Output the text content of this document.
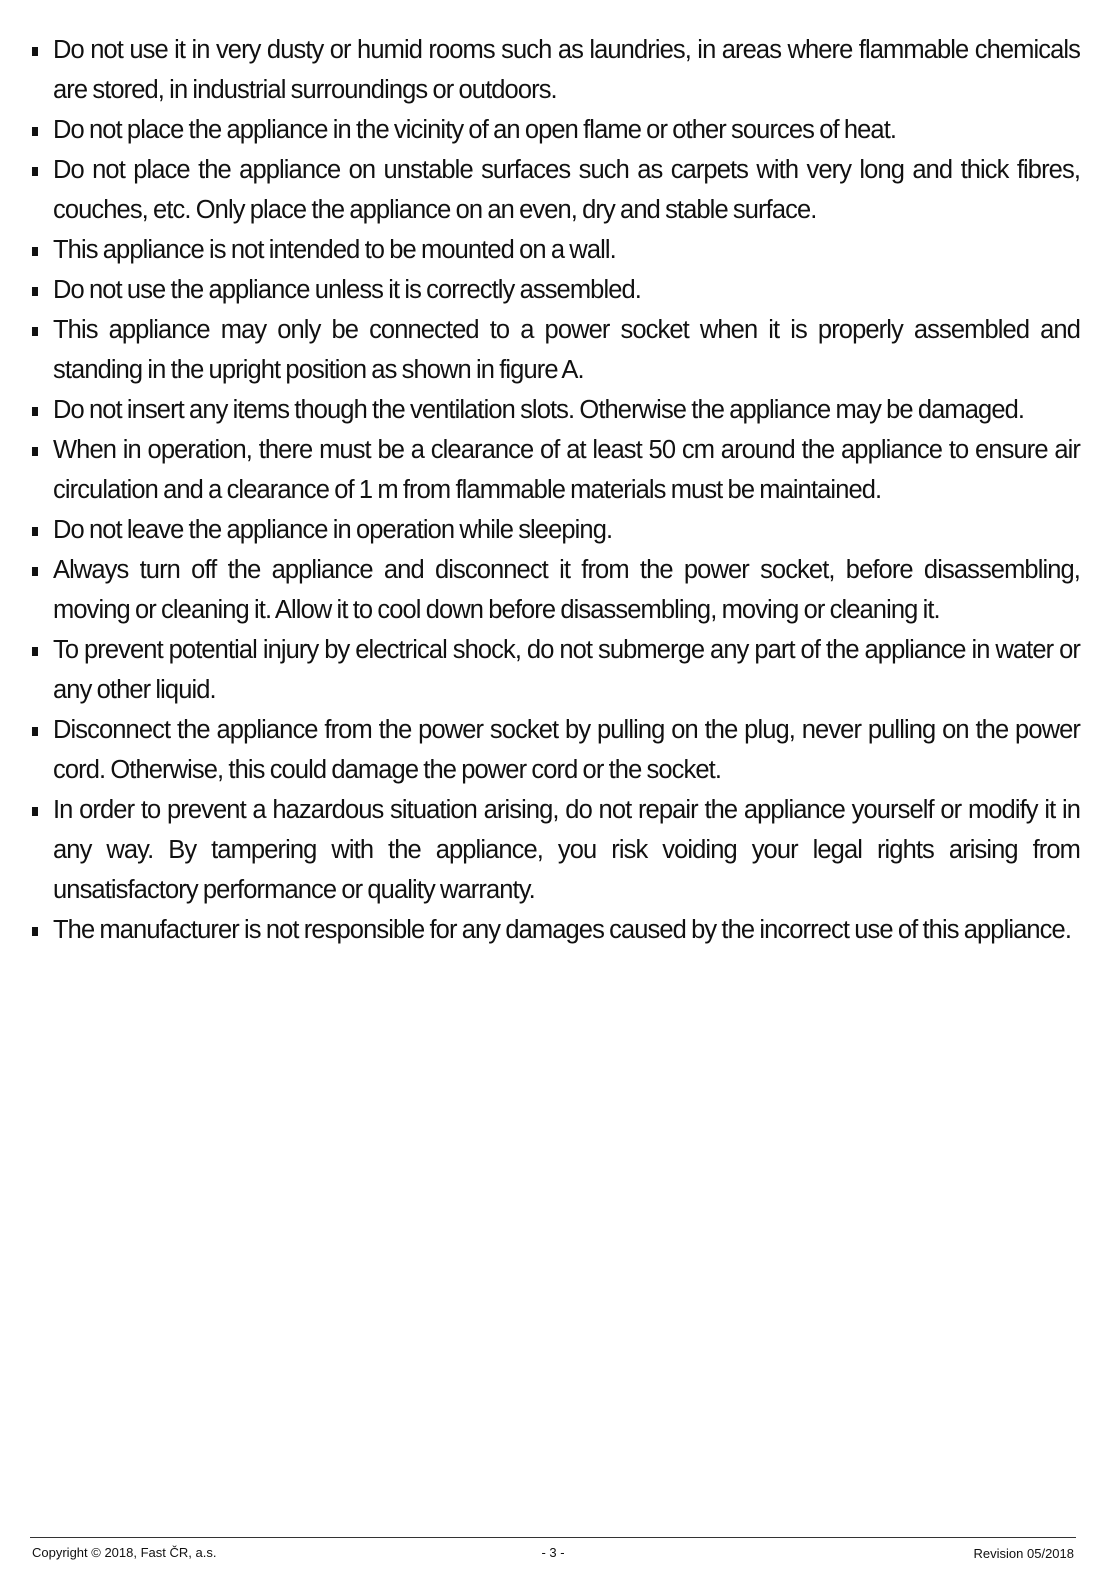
Do not use it in very dusty or humid rooms such as laundries, in areas where flammable chemicals are stored, in industrial surroundings or outdoors.
Do not place the appliance in the vicinity of an open flame or other sources of heat.
Do not place the appliance on unstable surfaces such as carpets with very long and thick fibres, couches, etc. Only place the appliance on an even, dry and stable surface.
This appliance is not intended to be mounted on a wall.
Do not use the appliance unless it is correctly assembled.
This appliance may only be connected to a power socket when it is properly assembled and standing in the upright position as shown in figure A.
Do not insert any items though the ventilation slots. Otherwise the appliance may be damaged.
When in operation, there must be a clearance of at least 50 cm around the appliance to ensure air circulation and a clearance of 1 m from flammable materials must be maintained.
Do not leave the appliance in operation while sleeping.
Always turn off the appliance and disconnect it from the power socket, before disassembling, moving or cleaning it. Allow it to cool down before disassembling, moving or cleaning it.
To prevent potential injury by electrical shock, do not submerge any part of the appliance in water or any other liquid.
Disconnect the appliance from the power socket by pulling on the plug, never pulling on the power cord. Otherwise, this could damage the power cord or the socket.
In order to prevent a hazardous situation arising, do not repair the appliance yourself or modify it in any way. By tampering with the appliance, you risk voiding your legal rights arising from unsatisfactory performance or quality warranty.
The manufacturer is not responsible for any damages caused by the incorrect use of this appliance.
Copyright © 2018, Fast ČR, a.s.	- 3 -	Revision 05/2018
